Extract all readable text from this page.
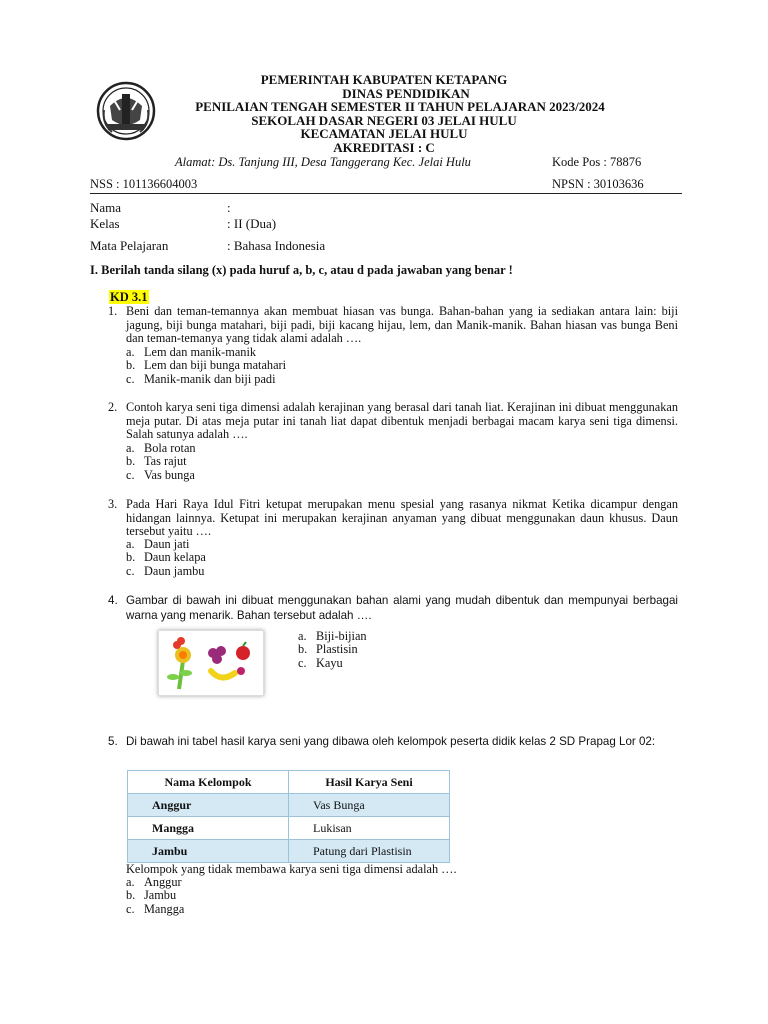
PEMERINTAH KABUPATEN KETAPANG
DINAS PENDIDIKAN
PENILAIAN TENGAH SEMESTER II TAHUN PELAJARAN 2023/2024
SEKOLAH DASAR NEGERI 03 JELAI HULU
KECAMATAN JELAI HULU
AKREDITASI : C
Alamat: Ds. Tanjung III, Desa Tanggerang Kec. Jelai Hulu	Kode Pos : 78876
NSS : 101136604003	NPSN : 30103636
Nama	:
Kelas	: II (Dua)
Mata Pelajaran	: Bahasa Indonesia
I. Berilah tanda silang (x) pada huruf a, b, c, atau d pada jawaban yang benar !
KD 3.1
1. Beni dan teman-temannya akan membuat hiasan vas bunga. Bahan-bahan yang ia sediakan antara lain: biji jagung, biji bunga matahari, biji padi, biji kacang hijau, lem, dan Manik-manik. Bahan hiasan vas bunga Beni dan teman-temanya yang tidak alami adalah ….
a. Lem dan manik-manik
b. Lem dan biji bunga matahari
c. Manik-manik dan biji padi
2. Contoh karya seni tiga dimensi adalah kerajinan yang berasal dari tanah liat. Kerajinan ini dibuat menggunakan meja putar. Di atas meja putar ini tanah liat dapat dibentuk menjadi berbagai macam karya seni tiga dimensi. Salah satunya adalah ….
a. Bola rotan
b. Tas rajut
c. Vas bunga
3. Pada Hari Raya Idul Fitri ketupat merupakan menu spesial yang rasanya nikmat Ketika dicampur dengan hidangan lainnya. Ketupat ini merupakan kerajinan anyaman yang dibuat menggunakan daun khusus. Daun tersebut yaitu ….
a. Daun jati
b. Daun kelapa
c. Daun jambu
4. Gambar di bawah ini dibuat menggunakan bahan alami yang mudah dibentuk dan mempunyai berbagai warna yang menarik. Bahan tersebut adalah ….
a. Biji-bijian
b. Plastisin
c. Kayu
5. Di bawah ini tabel hasil karya seni yang dibawa oleh kelompok peserta didik kelas 2 SD Prapag Lor 02:
Nama Kelompok	Hasil Karya Seni
Anggur	Vas Bunga
Mangga	Lukisan
Jambu	Patung dari Plastisin
Kelompok yang tidak membawa karya seni tiga dimensi adalah ….
a. Anggur
b. Jambu
c. Mangga
